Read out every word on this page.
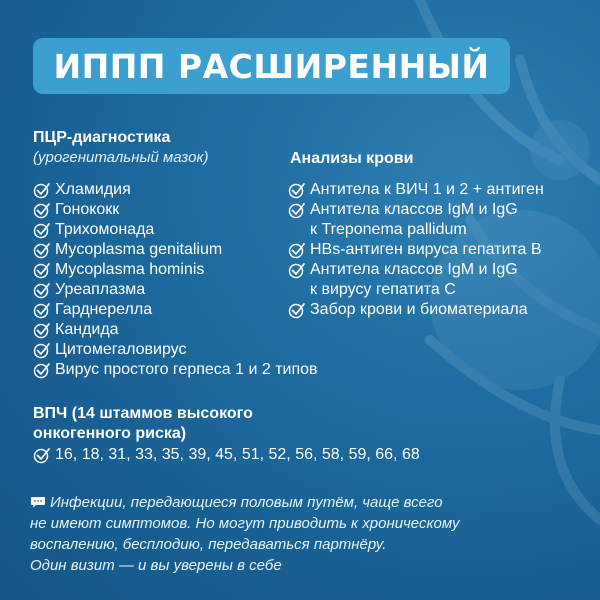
ИППП РАСШИРЕННЫЙ
ПЦР-диагностика
(урогенитальный мазок)
Хламидия
Гонококк
Трихомонада
Mycoplasma genitalium
Mycoplasma hominis
Уреаплазма
Гарднерелла
Кандида
Цитомегаловирус
Вирус простого герпеса 1 и 2 типов
Анализы крови
Антитела к ВИЧ 1 и 2 + антиген
Антитела классов IgM и IgG
к Treponema pallidum
HBs-антиген вируса гепатита В
Антитела классов IgM и IgG
к вирусу гепатита С
Забор крови и биоматериала
ВПЧ (14 штаммов высокого
онкогенного риска)
16, 18, 31, 33, 35, 39, 45, 51, 52, 56, 58, 59, 66, 68
Инфекции, передающиеся половым путём, чаще всего
не имеют симптомов. Но могут приводить к хроническому
воспалению, бесплодию, передаваться партнёру.
Один визит — и вы уверены в себе
